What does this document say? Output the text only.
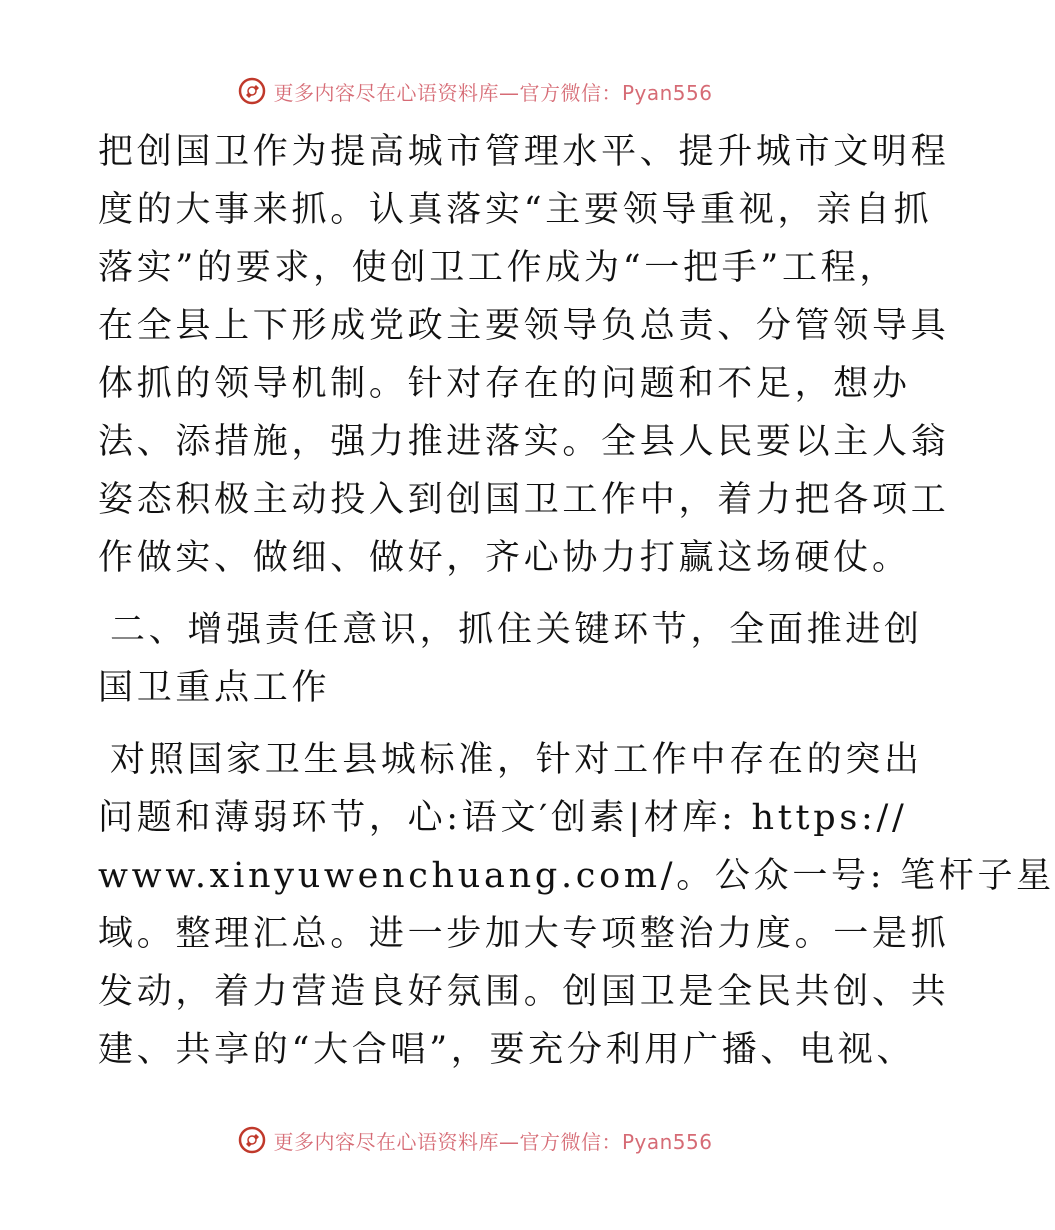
更多内容尽在心语资料库—官方微信：Pyan556
把创国卫作为提高城市管理水平、提升城市文明程
度的大事来抓。认真落实“主要领导重视，亲自抓
落实”的要求，使创卫工作成为“一把手”工程，
在全县上下形成党政主要领导负总责、分管领导具
体抓的领导机制。针对存在的问题和不足，想办
法、添措施，强力推进落实。全县人民要以主人翁
姿态积极主动投入到创国卫工作中，着力把各项工
作做实、做细、做好，齐心协力打赢这场硬仗。
二、增强责任意识，抓住关键环节，全面推进创
国卫重点工作
对照国家卫生县城标准，针对工作中存在的突出
问题和薄弱环节，心:语文′创素|材库: https://
www.xinyuwenchuang.com/。公众一号: 笔杆子星
域。整理汇总。进一步加大专项整治力度。一是抓
发动，着力营造良好氛围。创国卫是全民共创、共
建、共享的“大合唱”，要充分利用广播、电视、
更多内容尽在心语资料库—官方微信：Pyan556
